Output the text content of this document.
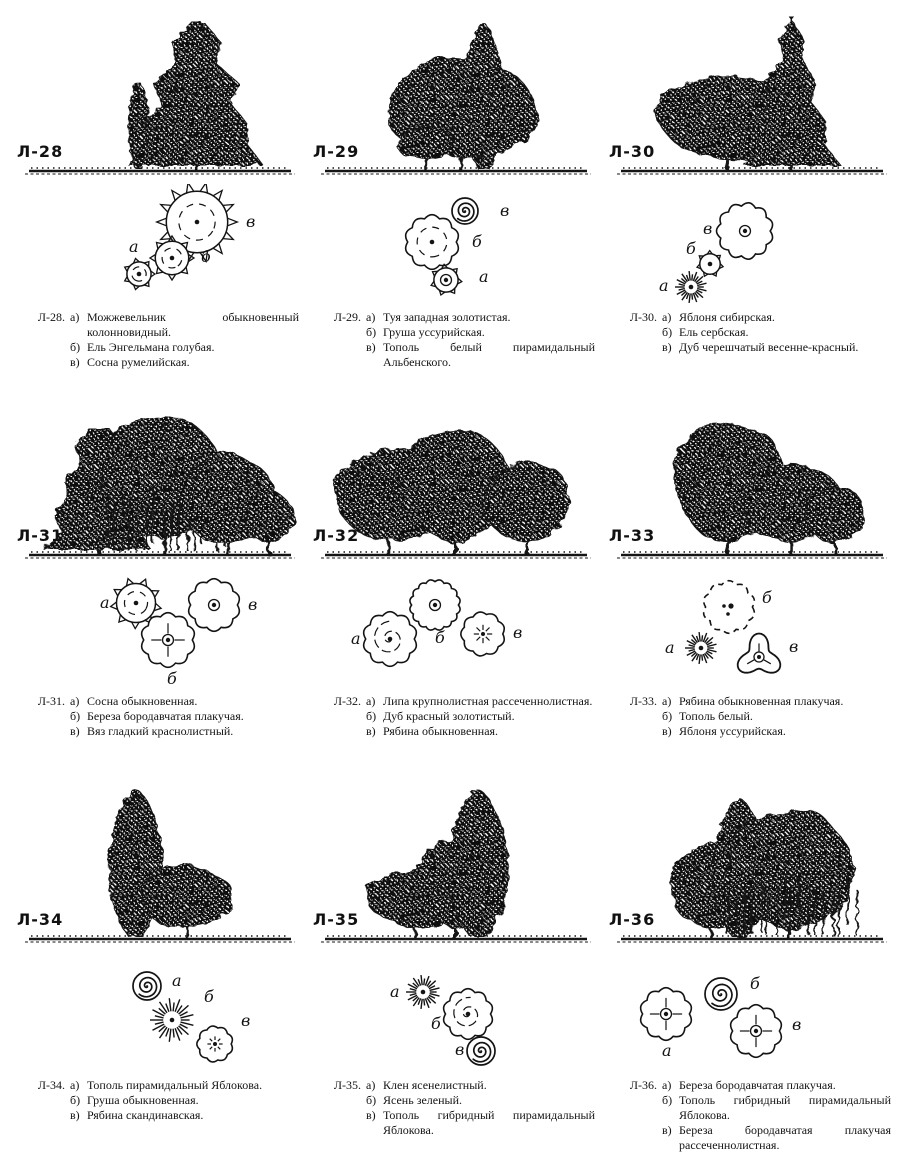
Л-28
в
б
а
Л-28. а) Можжевельник обыкновенный колонновидный.
б) Ель Энгельмана голубая.
в) Сосна румелийская.
Л-29
в
б
а
Л-29. а) Туя западная золотистая.
б) Груша уссурийская.
в) Тополь белый пирамидальный Альбенского.
Л-30
в
б
а
Л-30. а) Яблоня сибирская.
б) Ель сербская.
в) Дуб черешчатый весенне-красный.
Л-31
а	в
б
Л-31. а) Сосна обыкновенная.
б) Береза бородавчатая плакучая.
в) Вяз гладкий краснолистный.
Л-32
б
а	в
Л-32. а) Липа крупнолистная рассеченнолистная.
б) Дуб красный золотистый.
в) Рябина обыкновенная.
Л-33
б
а	в
Л-33. а) Рябина обыкновенная плакучая.
б) Тополь белый.
в) Яблоня уссурийская.
Л-34
а
б
в
Л-34. а) Тополь пирамидальный Яблокова.
б) Груша обыкновенная.
в) Рябина скандинавская.
Л-35
а
б
в
Л-35. а) Клен ясенелистный.
б) Ясень зеленый.
в) Тополь гибридный пирамидальный Яблокова.
Л-36
б
а
в
Л-36. а) Береза бородавчатая плакучая.
б) Тополь гибридный пирамидальный Яблокова.
в) Береза бородавчатая плакучая рассеченнолистная.
